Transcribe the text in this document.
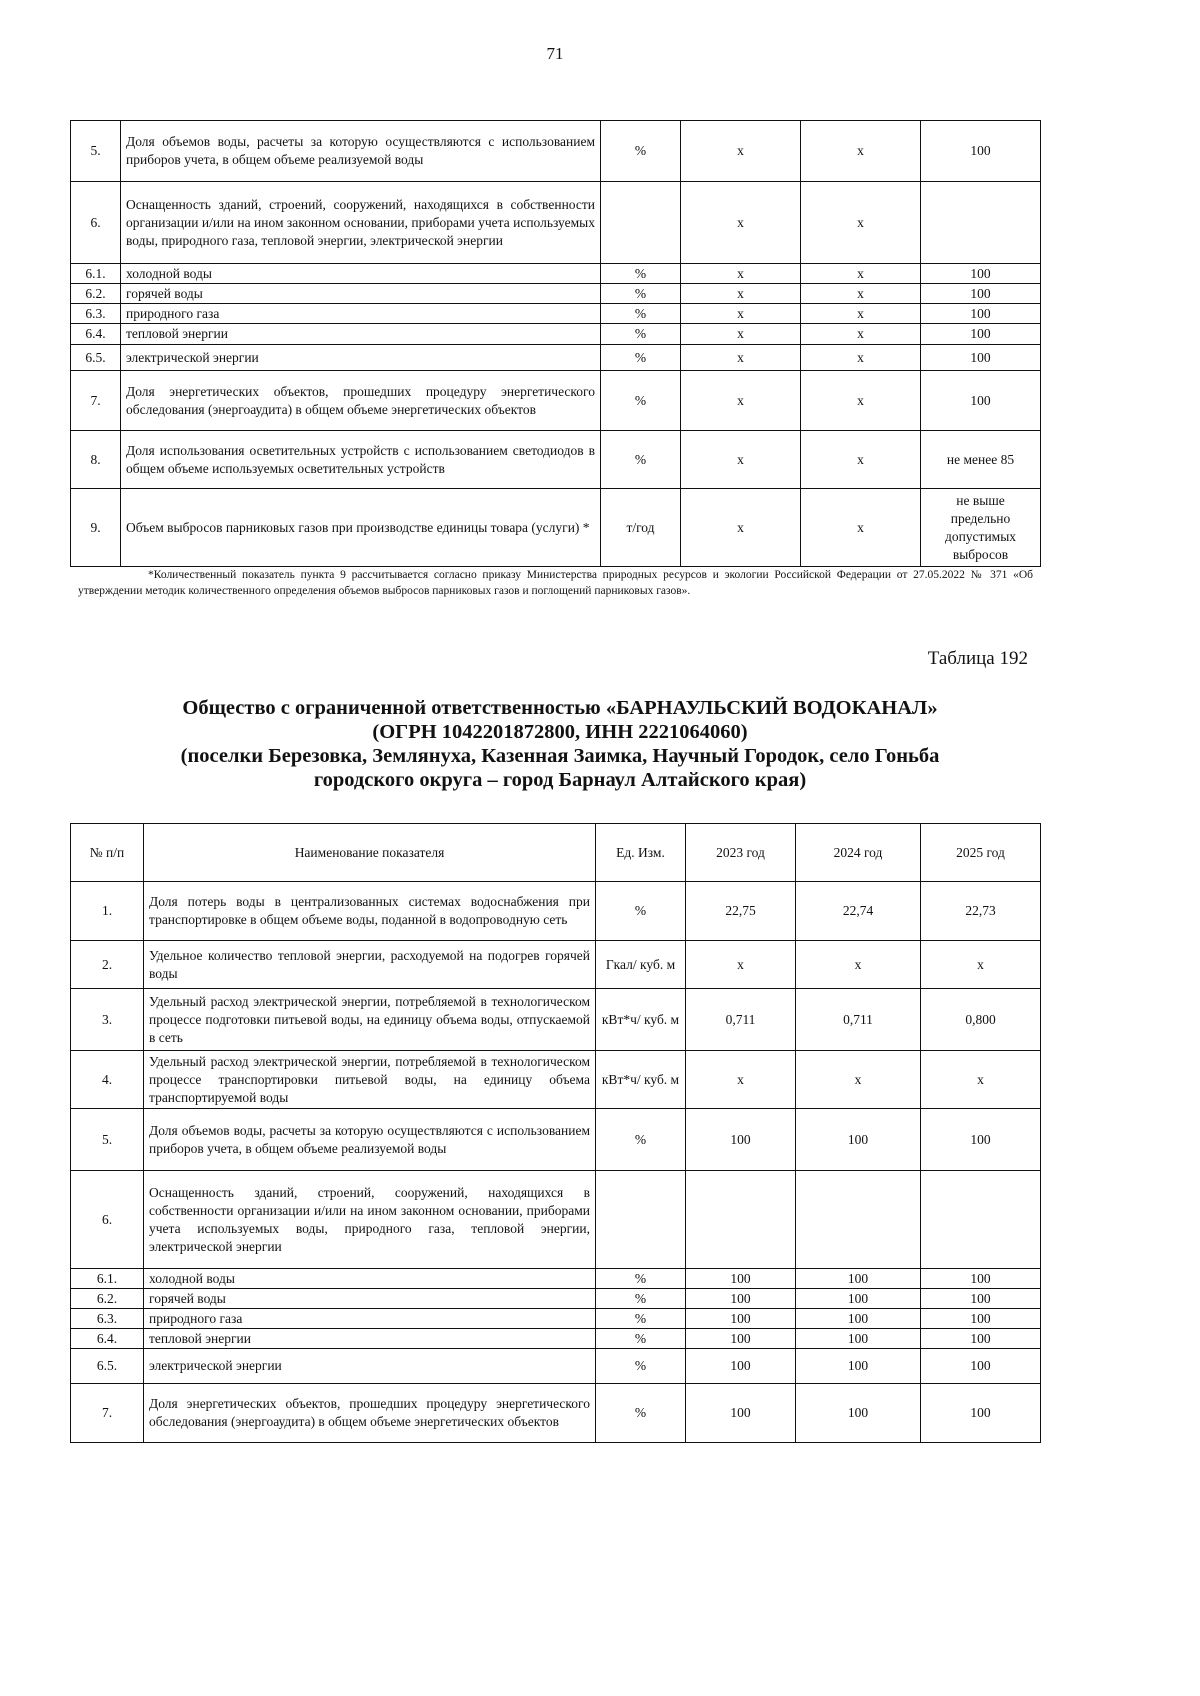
71
5.	Доля объемов воды, расчеты за которую осуществляются с использованием приборов учета, в общем объеме реализуемой воды	%	x	x	100
6.	Оснащенность зданий, строений, сооружений, находящихся в собственности организации и/или на ином законном основании, приборами учета используемых воды, природного газа, тепловой энергии, электрической энергии		x	x	
6.1.	холодной воды	%	x	x	100
6.2.	горячей воды	%	x	x	100
6.3.	природного газа	%	x	x	100
6.4.	тепловой энергии	%	x	x	100
6.5.	электрической энергии	%	x	x	100
7.	Доля энергетических объектов, прошедших процедуру энергетического обследования (энергоаудита) в общем объеме энергетических объектов	%	x	x	100
8.	Доля использования осветительных устройств с использованием светодиодов в общем объеме используемых осветительных устройств	%	x	x	не менее 85
9.	Объем выбросов парниковых газов при производстве единицы товара (услуги) *	т/год	x	x	не выше предельно допустимых выбросов
*Количественный показатель пункта 9 рассчитывается согласно приказу Министерства природных ресурсов и экологии Российской Федерации от 27.05.2022 № 371 «Об утверждении методик количественного определения объемов выбросов парниковых газов и поглощений парниковых газов».
Таблица 192
Общество с ограниченной ответственностью «БАРНАУЛЬСКИЙ ВОДОКАНАЛ»
(ОГРН 1042201872800, ИНН 2221064060)
(поселки Березовка, Землянуха, Казенная Заимка, Научный Городок, село Гоньба
городского округа – город Барнаул Алтайского края)
№ п/п	Наименование показателя	Ед. Изм.	2023 год	2024 год	2025 год
1.	Доля потерь воды в централизованных системах водоснабжения при транспортировке в общем объеме воды, поданной в водопроводную сеть	%	22,75	22,74	22,73
2.	Удельное количество тепловой энергии, расходуемой на подогрев горячей воды	Гкал/ куб. м	x	x	x
3.	Удельный расход электрической энергии, потребляемой в технологическом процессе подготовки питьевой воды, на единицу объема воды, отпускаемой в сеть	кВт*ч/ куб. м	0,711	0,711	0,800
4.	Удельный расход электрической энергии, потребляемой в технологическом процессе транспортировки питьевой воды, на единицу объема транспортируемой воды	кВт*ч/ куб. м	x	x	x
5.	Доля объемов воды, расчеты за которую осуществляются с использованием приборов учета, в общем объеме реализуемой воды	%	100	100	100
6.	Оснащенность зданий, строений, сооружений, находящихся в собственности организации и/или на ином законном основании, приборами учета используемых воды, природного газа, тепловой энергии, электрической энергии				
6.1.	холодной воды	%	100	100	100
6.2.	горячей воды	%	100	100	100
6.3.	природного газа	%	100	100	100
6.4.	тепловой энергии	%	100	100	100
6.5.	электрической энергии	%	100	100	100
7.	Доля энергетических объектов, прошедших процедуру энергетического обследования (энергоаудита) в общем объеме энергетических объектов	%	100	100	100
